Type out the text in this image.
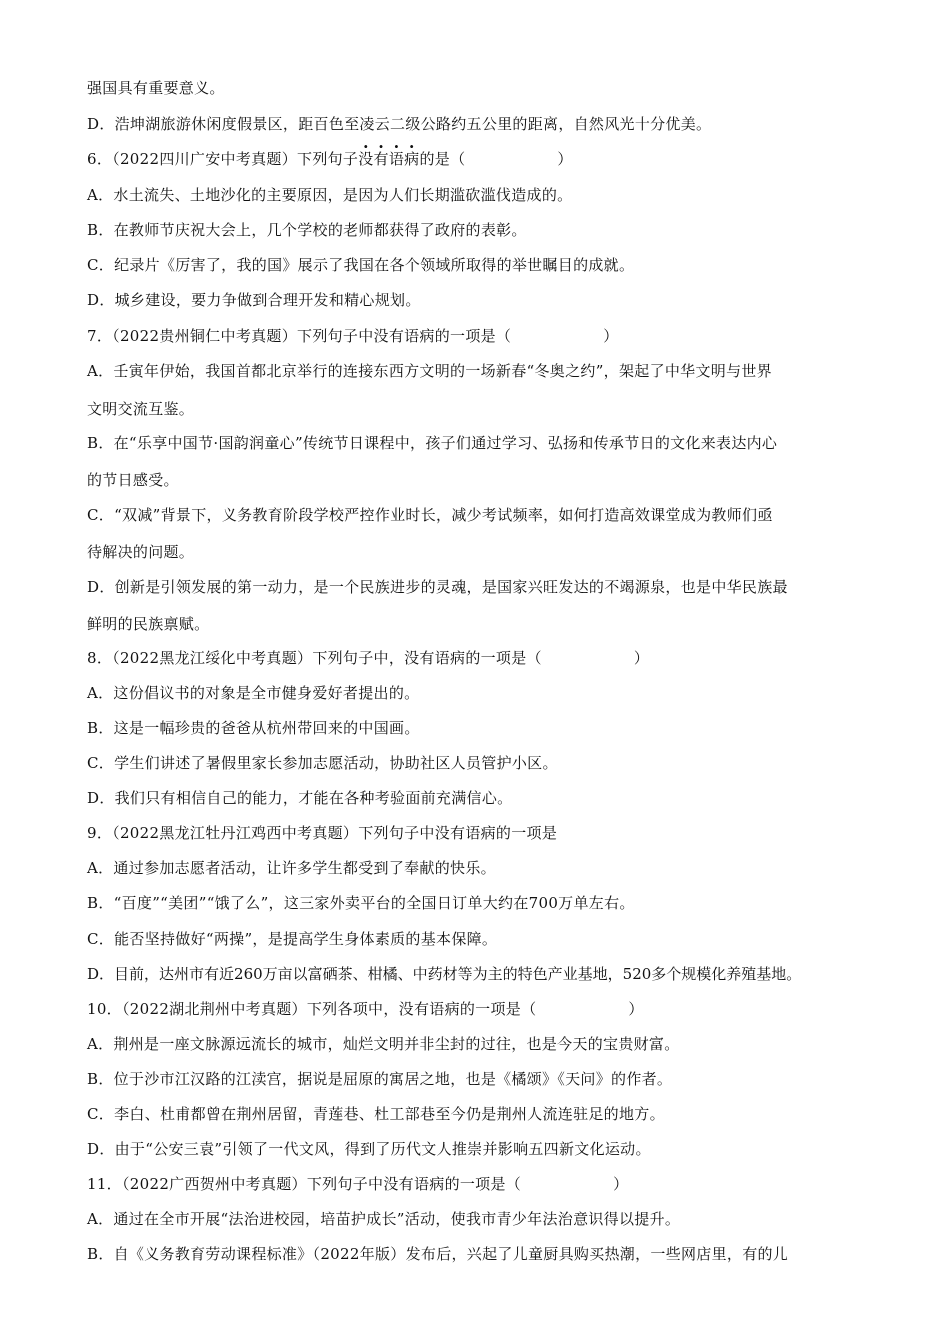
强国具有重要意义。
D．浩坤湖旅游休闲度假景区，距百色至凌云二级公路约五公里的距离，自然风光十分优美。
6．（2022四川广安中考真题）下列句子没有语病的是（	）
A．水土流失、土地沙化的主要原因，是因为人们长期滥砍滥伐造成的。
B．在教师节庆祝大会上，几个学校的老师都获得了政府的表彰。
C．纪录片《厉害了，我的国》展示了我国在各个领域所取得的举世瞩目的成就。
D．城乡建设，要力争做到合理开发和精心规划。
7．（2022贵州铜仁中考真题）下列句子中没有语病的一项是（	）
A．壬寅年伊始，我国首都北京举行的连接东西方文明的一场新春“冬奥之约”，架起了中华文明与世界
文明交流互鉴。
B．在“乐享中国节·国韵润童心”传统节日课程中，孩子们通过学习、弘扬和传承节日的文化来表达内心
的节日感受。
C．“双减”背景下，义务教育阶段学校严控作业时长，减少考试频率，如何打造高效课堂成为教师们亟
待解决的问题。
D．创新是引领发展的第一动力，是一个民族进步的灵魂，是国家兴旺发达的不竭源泉，也是中华民族最
鲜明的民族禀赋。
8．（2022黑龙江绥化中考真题）下列句子中，没有语病的一项是（	）
A．这份倡议书的对象是全市健身爱好者提出的。
B．这是一幅珍贵的爸爸从杭州带回来的中国画。
C．学生们讲述了暑假里家长参加志愿活动，协助社区人员管护小区。
D．我们只有相信自己的能力，才能在各种考验面前充满信心。
9．（2022黑龙江牡丹江鸡西中考真题）下列句子中没有语病的一项是
A．通过参加志愿者活动，让许多学生都受到了奉献的快乐。
B．“百度”“美团”“饿了么”，这三家外卖平台的全国日订单大约在700万单左右。
C．能否坚持做好“两操”，是提高学生身体素质的基本保障。
D．目前，达州市有近260万亩以富硒茶、柑橘、中药材等为主的特色产业基地，520多个规模化养殖基地。
10．（2022湖北荆州中考真题）下列各项中，没有语病的一项是（	）
A．荆州是一座文脉源远流长的城市，灿烂文明并非尘封的过往，也是今天的宝贵财富。
B．位于沙市江汉路的江渎宫，据说是屈原的寓居之地，也是《橘颂》《天问》的作者。
C．李白、杜甫都曾在荆州居留，青莲巷、杜工部巷至今仍是荆州人流连驻足的地方。
D．由于“公安三袁”引领了一代文风，得到了历代文人推崇并影响五四新文化运动。
11．（2022广西贺州中考真题）下列句子中没有语病的一项是（	）
A．通过在全市开展“法治进校园，培苗护成长”活动，使我市青少年法治意识得以提升。
B．自《义务教育劳动课程标准》（2022年版）发布后，兴起了儿童厨具购买热潮，一些网店里，有的儿
